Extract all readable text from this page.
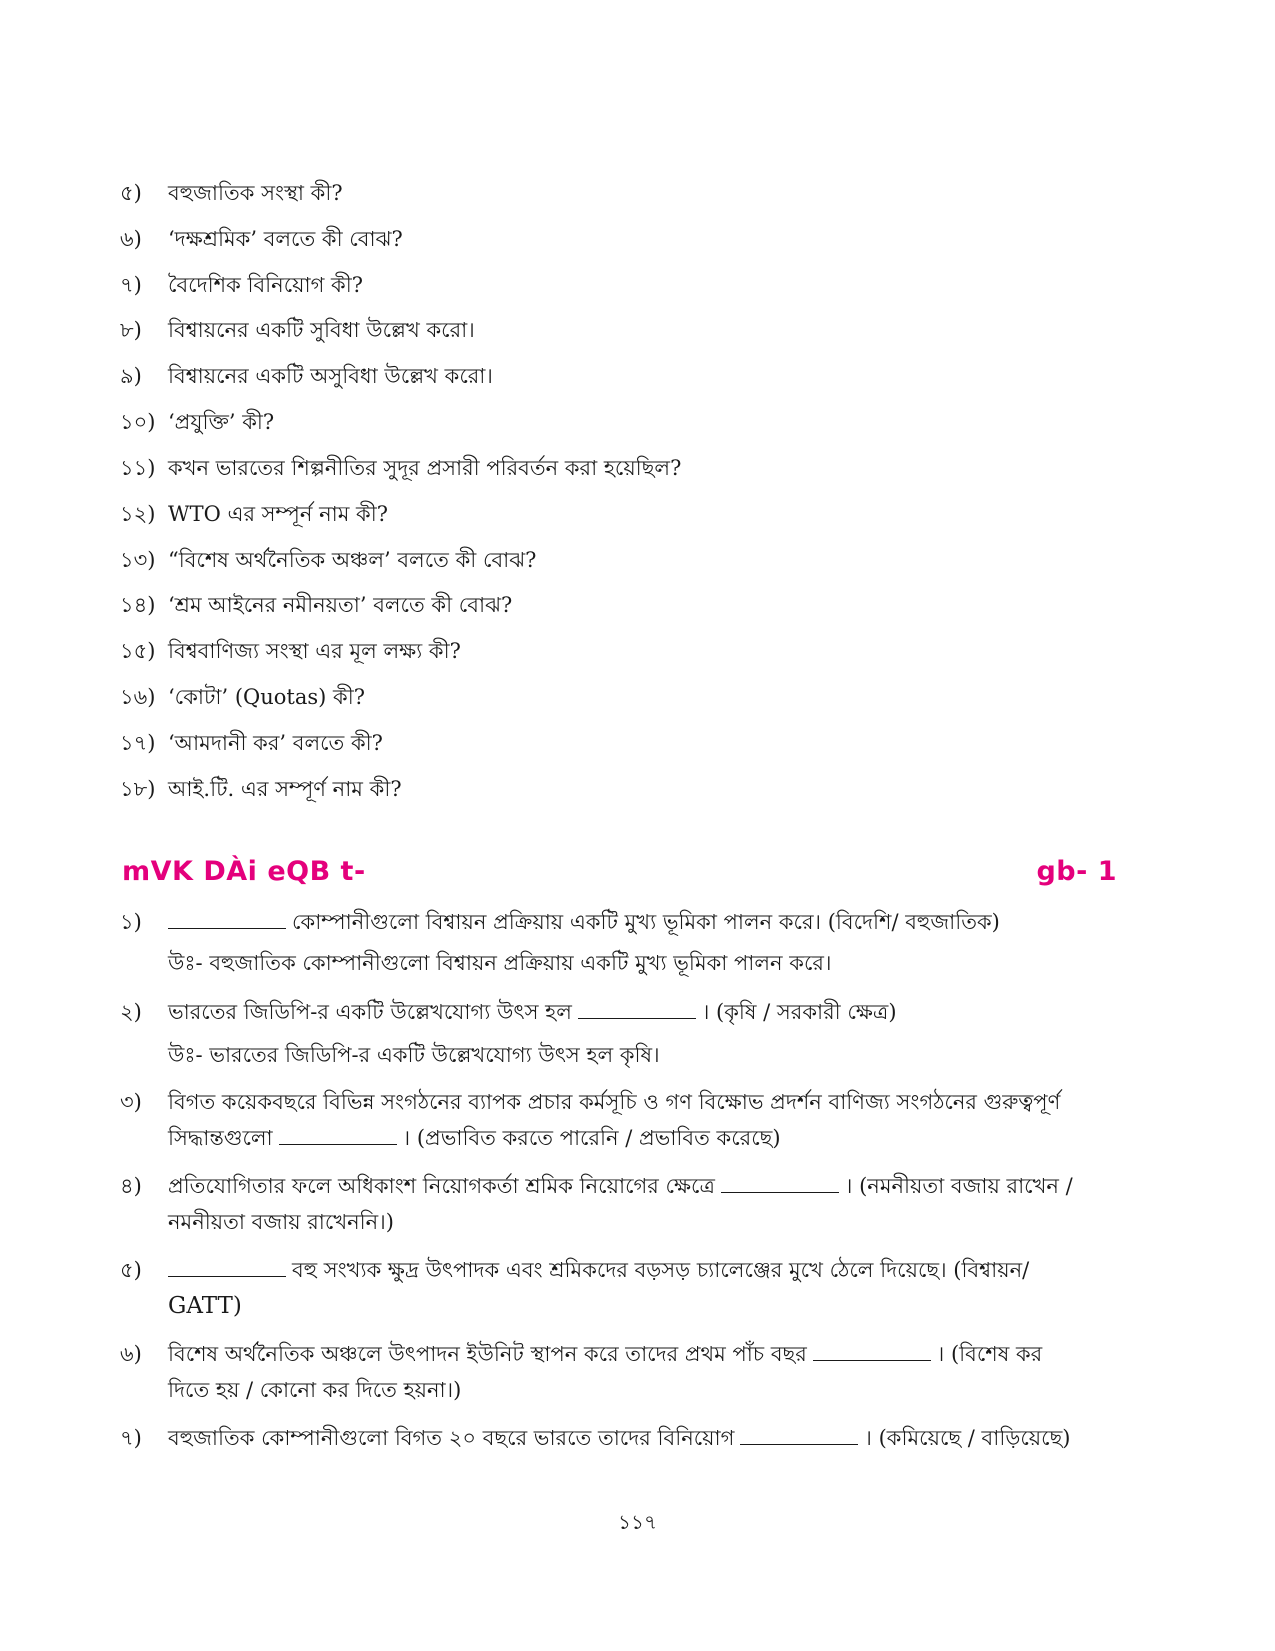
৫) বহুজাতিক সংস্থা কী?
৬) ‘দক্ষশ্রমিক’ বলতে কী বোঝ?
৭) বৈদেশিক বিনিয়োগ কী?
৮) বিশ্বায়নের একটি সুবিধা উল্লেখ করো।
৯) বিশ্বায়নের একটি অসুবিধা উল্লেখ করো।
১০) ‘প্রযুক্তি’ কী?
১১) কখন ভারতের শিল্পনীতির সুদূর প্রসারী পরিবর্তন করা হয়েছিল?
১২) WTO এর সম্পূর্ন নাম কী?
১৩) “বিশেষ অর্থনৈতিক অঞ্চল’ বলতে কী বোঝ?
১৪) ‘শ্রম আইনের নমীনয়তা’ বলতে কী বোঝ?
১৫) বিশ্ববাণিজ্য সংস্থা এর মূল লক্ষ্য কী?
১৬) ‘কোটা’ (Quotas) কী?
১৭) ‘আমদানী কর’ বলতে কী?
১৮) আই.টি. এর সম্পূর্ণ নাম কী?
mVK DÀi eQB t-	gb- 1
১)	কোম্পানীগুলো বিশ্বায়ন প্রক্রিয়ায় একটি মুখ্য ভূমিকা পালন করে। (বিদেশি/ বহুজাতিক)
উঃ- বহুজাতিক কোম্পানীগুলো বিশ্বায়ন প্রক্রিয়ায় একটি মুখ্য ভূমিকা পালন করে।
২)	ভারতের জিডিপি-র একটি উল্লেখযোগ্য উৎস হল	। (কৃষি / সরকারী ক্ষেত্র)
উঃ- ভারতের জিডিপি-র একটি উল্লেখযোগ্য উৎস হল কৃষি।
৩)	বিগত কয়েকবছরে বিভিন্ন সংগঠনের ব্যাপক প্রচার কর্মসূচি ও গণ বিক্ষোভ প্রদর্শন বাণিজ্য সংগঠনের গুরুত্বপূর্ণ
সিদ্ধান্তগুলো	। (প্রভাবিত করতে পারেনি / প্রভাবিত করেছে)
৪)	প্রতিযোগিতার ফলে অধিকাংশ নিয়োগকর্তা শ্রমিক নিয়োগের ক্ষেত্রে	। (নমনীয়তা বজায় রাখেন /
নমনীয়তা বজায় রাখেননি।)
৫)	বহু সংখ্যক ক্ষুদ্র উৎপাদক এবং শ্রমিকদের বড়সড় চ্যালেঞ্জের মুখে ঠেলে দিয়েছে। (বিশ্বায়ন/
GATT)
৬)	বিশেষ অর্থনৈতিক অঞ্চলে উৎপাদন ইউনিট স্থাপন করে তাদের প্রথম পাঁচ বছর	। (বিশেষ কর
দিতে হয় / কোনো কর দিতে হয়না।)
৭)	বহুজাতিক কোম্পানীগুলো বিগত ২০ বছরে ভারতে তাদের বিনিয়োগ	। (কমিয়েছে / বাড়িয়েছে)
১১৭
